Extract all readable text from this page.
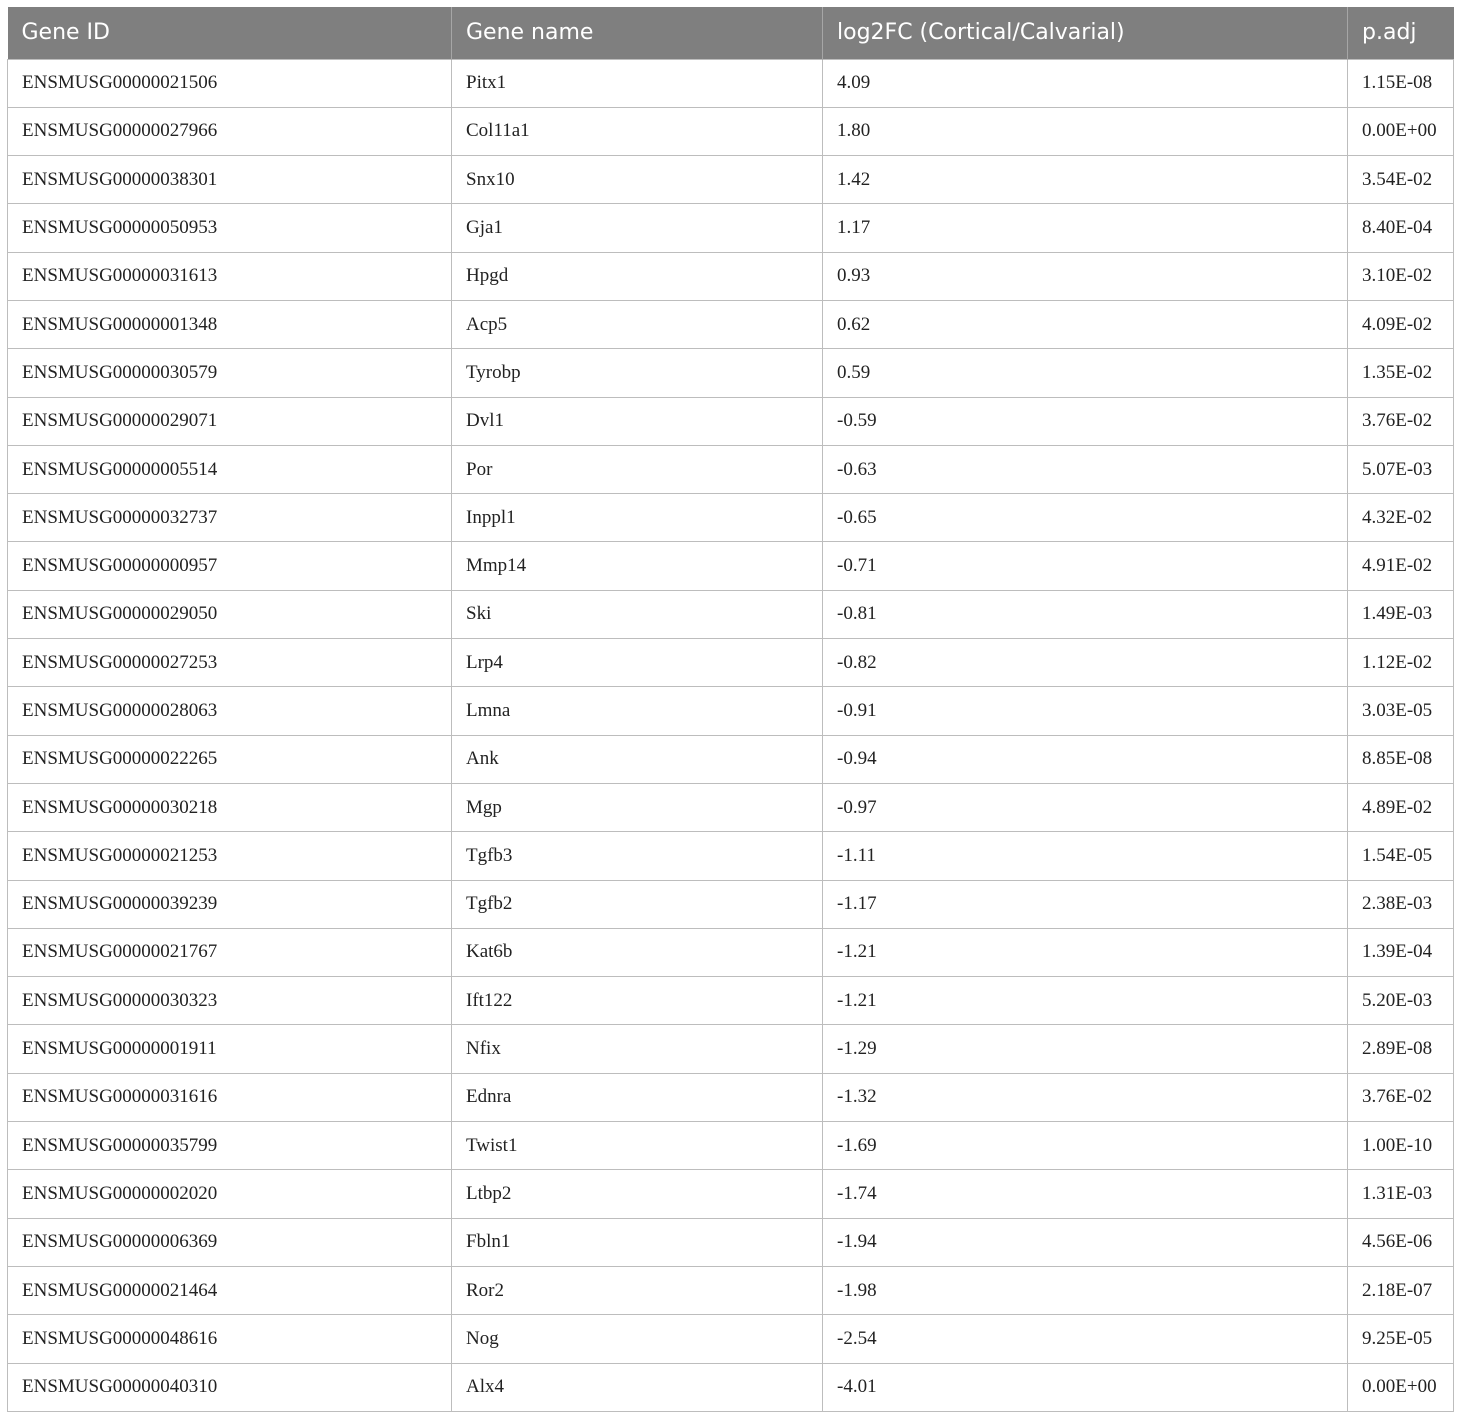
Gene ID	Gene name	log2FC (Cortical/Calvarial)	p.adj
ENSMUSG00000021506	Pitx1	4.09	1.15E-08
ENSMUSG00000027966	Col11a1	1.80	0.00E+00
ENSMUSG00000038301	Snx10	1.42	3.54E-02
ENSMUSG00000050953	Gja1	1.17	8.40E-04
ENSMUSG00000031613	Hpgd	0.93	3.10E-02
ENSMUSG00000001348	Acp5	0.62	4.09E-02
ENSMUSG00000030579	Tyrobp	0.59	1.35E-02
ENSMUSG00000029071	Dvl1	-0.59	3.76E-02
ENSMUSG00000005514	Por	-0.63	5.07E-03
ENSMUSG00000032737	Inppl1	-0.65	4.32E-02
ENSMUSG00000000957	Mmp14	-0.71	4.91E-02
ENSMUSG00000029050	Ski	-0.81	1.49E-03
ENSMUSG00000027253	Lrp4	-0.82	1.12E-02
ENSMUSG00000028063	Lmna	-0.91	3.03E-05
ENSMUSG00000022265	Ank	-0.94	8.85E-08
ENSMUSG00000030218	Mgp	-0.97	4.89E-02
ENSMUSG00000021253	Tgfb3	-1.11	1.54E-05
ENSMUSG00000039239	Tgfb2	-1.17	2.38E-03
ENSMUSG00000021767	Kat6b	-1.21	1.39E-04
ENSMUSG00000030323	Ift122	-1.21	5.20E-03
ENSMUSG00000001911	Nfix	-1.29	2.89E-08
ENSMUSG00000031616	Ednra	-1.32	3.76E-02
ENSMUSG00000035799	Twist1	-1.69	1.00E-10
ENSMUSG00000002020	Ltbp2	-1.74	1.31E-03
ENSMUSG00000006369	Fbln1	-1.94	4.56E-06
ENSMUSG00000021464	Ror2	-1.98	2.18E-07
ENSMUSG00000048616	Nog	-2.54	9.25E-05
ENSMUSG00000040310	Alx4	-4.01	0.00E+00
